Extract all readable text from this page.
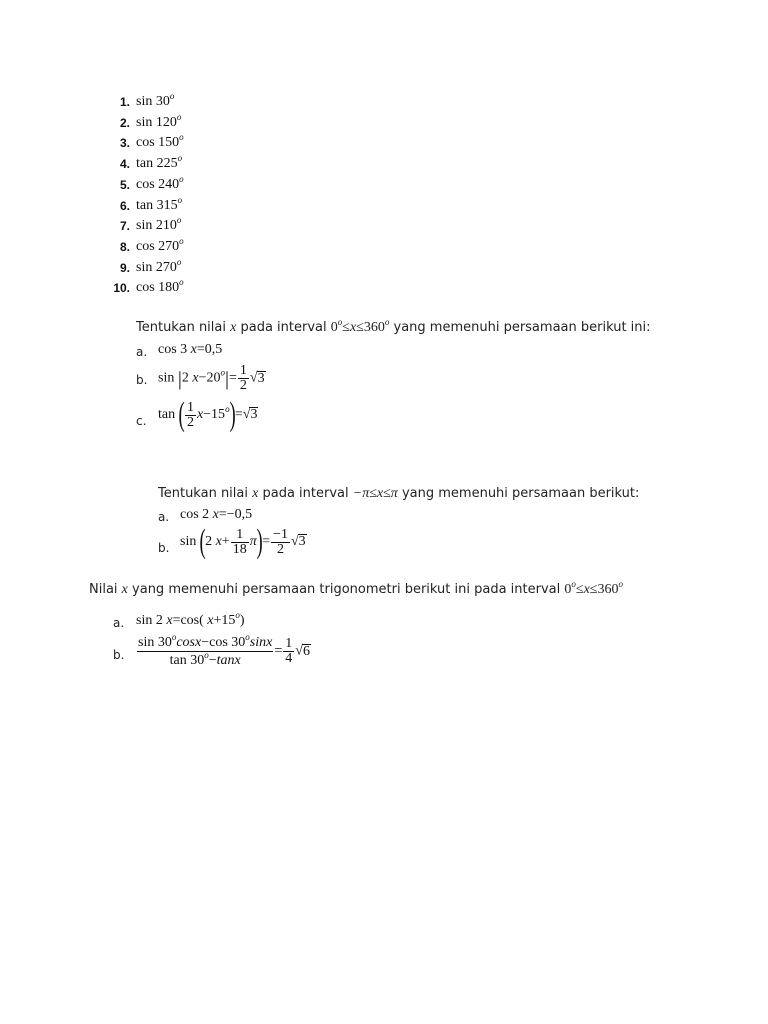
1. sin 30$^o$
2. sin 120$^o$
3. cos 150$^o$
4. tan 225$^o$
5. cos 240$^o$
6. tan 315$^o$
7. sin 210$^o$
8. cos 270$^o$
9. sin 270$^o$
10. cos 180$^o$
Tentukan nilai x pada interval $0^o\le x\le 360^o$ yang memenuhi persamaan berikut ini:
a. cos 3 x=0,5
b. sin |2 $x-20^o|= \frac{1}{2} √3$
c. tan ( $\frac{1}{2} x-15^o)=√3$
Tentukan nilai x pada interval −π≤x≤π yang memenuhi persamaan berikut:
a. cos 2 x=−0,5
b. sin (2 $x+ \frac{1}{18} \pi)= \frac{-1}{2} √3$
Nilai x yang memenuhi persamaan trigonometri berikut ini pada interval $0^o\le x\le 360^o$
a. sin 2 x=cos( $x+15^o$)
b. $\frac{\sin 30^o\cos x-\cos 30^o\sin x}{\tan 30^o-\tan x} = \frac{1}{4} √6$
